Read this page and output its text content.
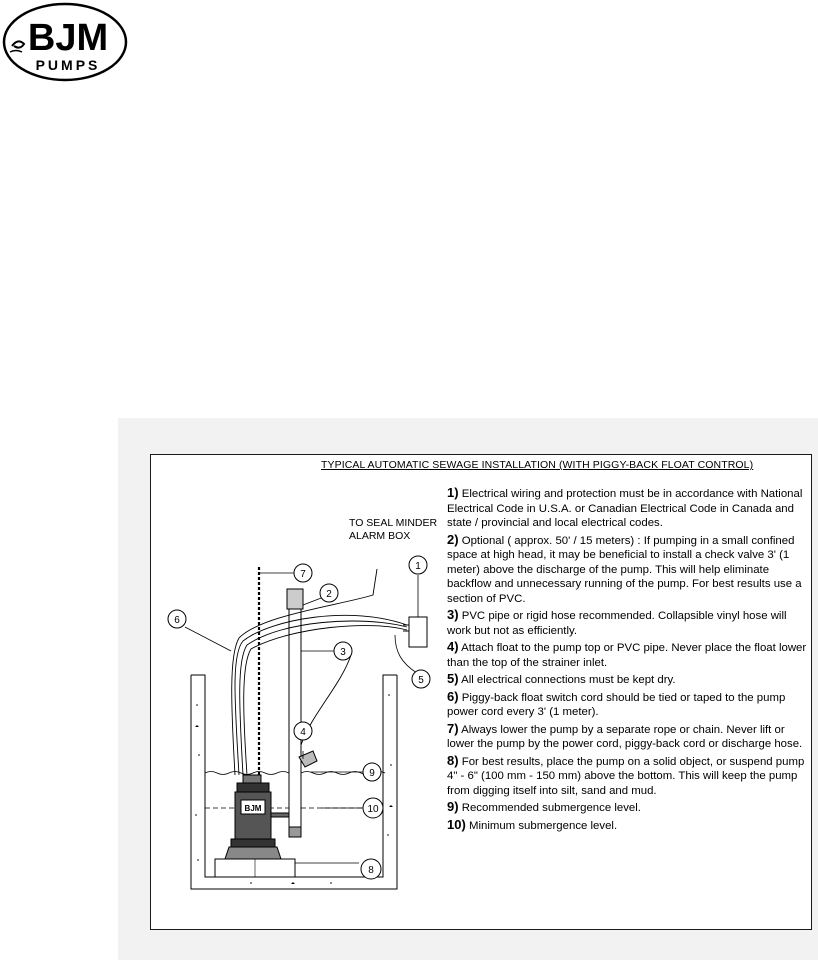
BJM
PUMPS
TYPICAL AUTOMATIC SEWAGE INSTALLATION (WITH PIGGY-BACK FLOAT CONTROL)
BJM
1
2
3
4
5
6
7
8
9
10
TO SEAL MINDER
ALARM BOX
1) Electrical wiring and protection must be in accordance with National Electrical Code in U.S.A. or Canadian Electrical Code in Canada and state / provincial and local electrical codes.
2) Optional ( approx. 50' / 15 meters) : If pumping in a small confined space at high head, it may be beneficial to install a check valve 3' (1 meter) above the discharge of the pump. This will help eliminate backflow and unnecessary running of the pump. For best results use a section of PVC.
3) PVC pipe or rigid hose recommended. Collapsible vinyl hose will work but not as efficiently.
4) Attach float to the pump top or PVC pipe. Never place the float lower than the top of the strainer inlet.
5) All electrical connections must be kept dry.
6) Piggy-back float switch cord should be tied or taped to the pump power cord every 3' (1 meter).
7) Always lower the pump by a separate rope or chain. Never lift or lower the pump by the power cord, piggy-back cord or discharge hose.
8) For best results, place the pump on a solid object, or suspend pump 4" - 6" (100 mm - 150 mm) above the bottom. This will keep the pump from digging itself into silt, sand and mud.
9) Recommended submergence level.
10) Minimum submergence level.
